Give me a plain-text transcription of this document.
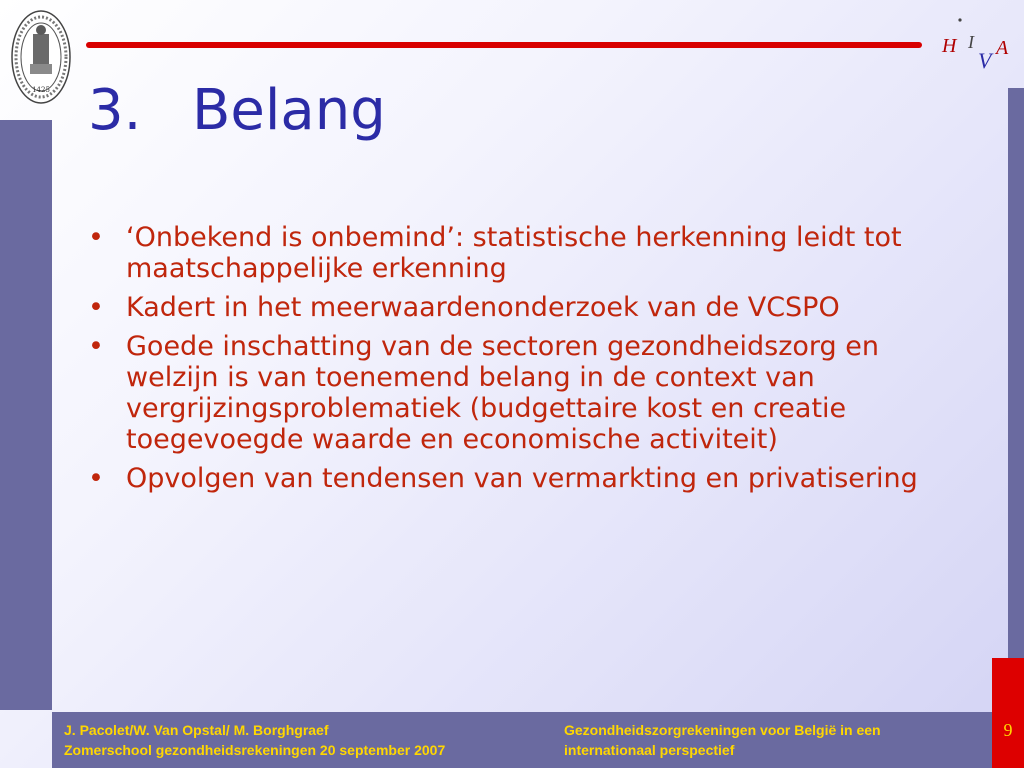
1425
H I
V A
3. Belang
• ‘Onbekend is onbemind’: statistische herkenning leidt tot maatschappelijke erkenning
• Kadert in het meerwaardenonderzoek van de VCSPO
• Goede inschatting van de sectoren gezondheidszorg en welzijn is van toenemend belang in de context van vergrijzingsproblematiek (budgettaire kost en creatie toegevoegde waarde en economische activiteit)
• Opvolgen van tendensen van vermarkting en privatisering
J. Pacolet/W. Van Opstal/ M. Borghgraef
Zomerschool gezondheidsrekeningen 20 september 2007
Gezondheidszorgrekeningen voor België in een
internationaal perspectief
9
